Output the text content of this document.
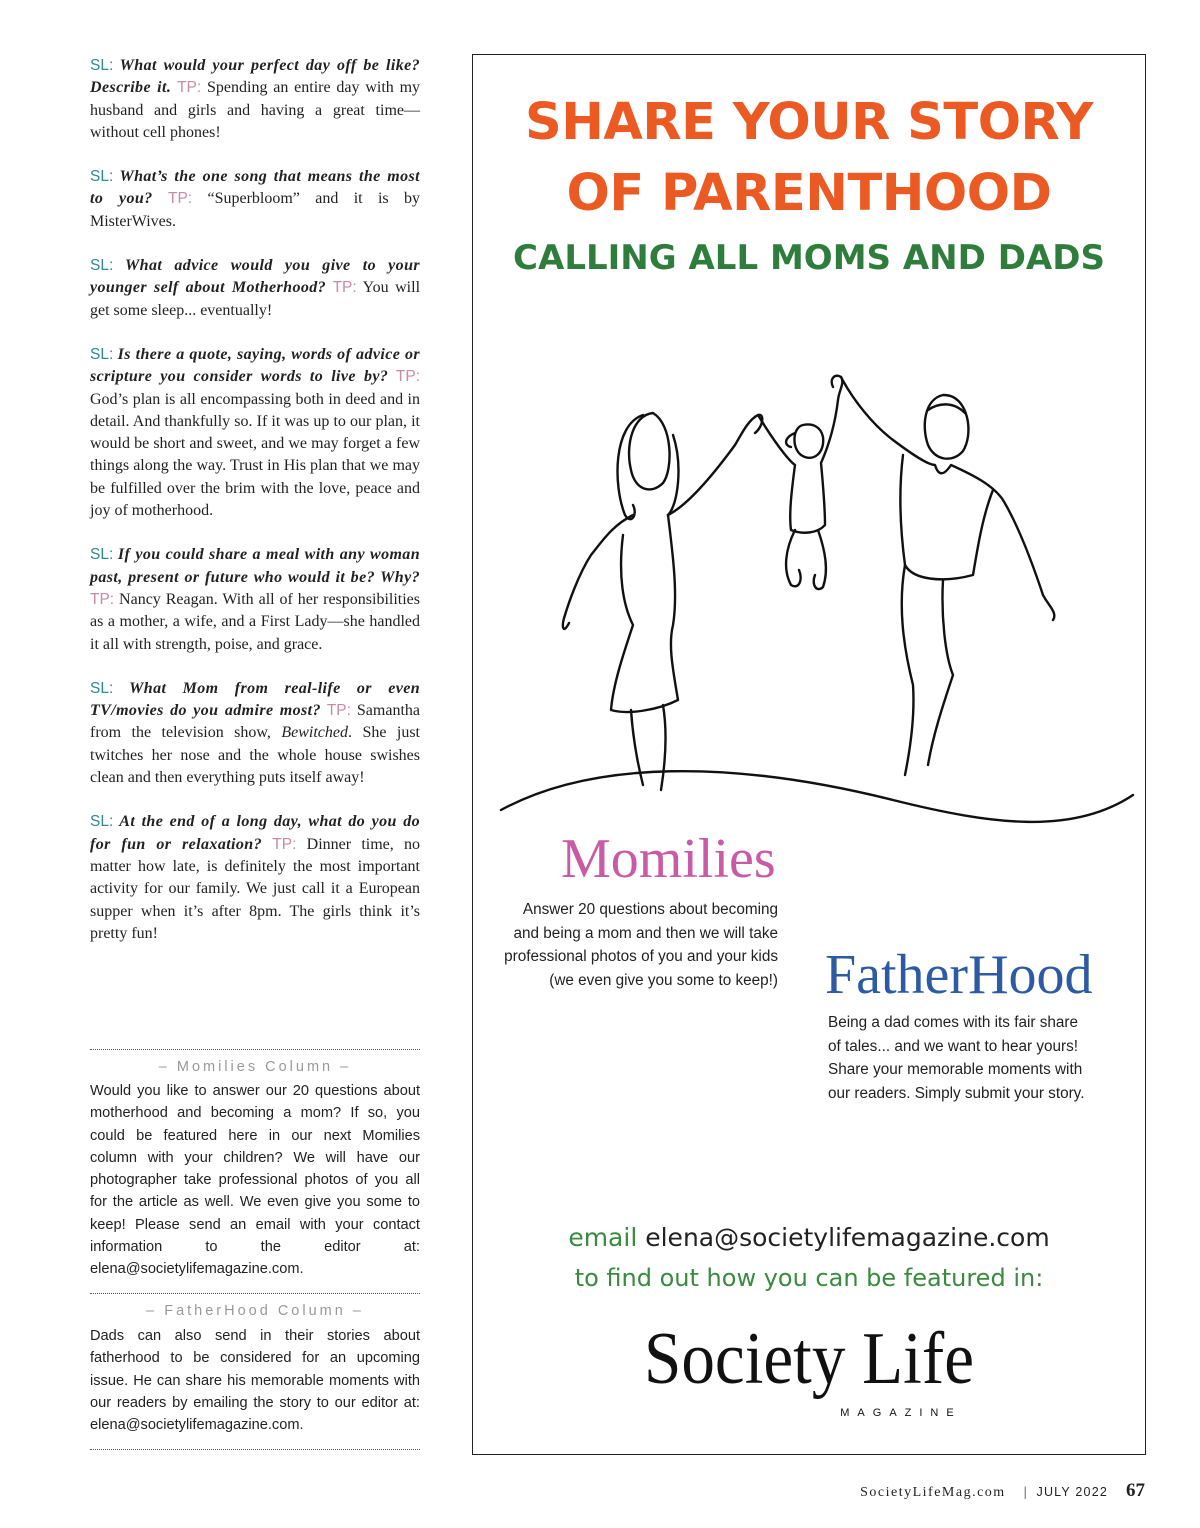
SL: What would your perfect day off be like? Describe it. TP: Spending an entire day with my husband and girls and having a great time—without cell phones!

SL: What’s the one song that means the most to you? TP: “Superbloom” and it is by MisterWives.

SL: What advice would you give to your younger self about Motherhood? TP: You will get some sleep... eventually!

SL: Is there a quote, saying, words of advice or scripture you consider words to live by? TP: God’s plan is all encompassing both in deed and in detail. And thankfully so. If it was up to our plan, it would be short and sweet, and we may forget a few things along the way. Trust in His plan that we may be fulfilled over the brim with the love, peace and joy of motherhood.

SL: If you could share a meal with any woman past, present or future who would it be? Why? TP: Nancy Reagan. With all of her responsibilities as a mother, a wife, and a First Lady—she handled it all with strength, poise, and grace.

SL: What Mom from real-life or even TV/movies do you admire most? TP: Samantha from the television show, Bewitched. She just twitches her nose and the whole house swishes clean and then everything puts itself away!

SL: At the end of a long day, what do you do for fun or relaxation? TP: Dinner time, no matter how late, is definitely the most important activity for our family. We just call it a European supper when it’s after 8pm. The girls think it’s pretty fun!

– Momilies Column –
Would you like to answer our 20 questions about motherhood and becoming a mom? If so, you could be featured here in our next Momilies column with your children? We will have our photographer take professional photos of you all for the article as well. We even give you some to keep! Please send an email with your contact information to the editor at: elena@societylifemagazine.com.
– FatherHood Column –
Dads can also send in their stories about fatherhood to be considered for an upcoming issue. He can share his memorable moments with our readers by emailing the story to our editor at: elena@societylifemagazine.com.
SHARE YOUR STORY
OF PARENTHOOD
CALLING ALL MOMS AND DADS
Momilies
Answer 20 questions about becoming
and being a mom and then we will take
professional photos of you and your kids
(we even give you some to keep!) FatherHood
Being a dad comes with its fair share
of tales... and we want to hear yours!
Share your memorable moments with
our readers. Simply submit your story.
email elena@societylifemagazine.com
to find out how you can be featured in:
Society Life
MAGAZINE
SocietyLifeMag.com | JULY 2022 67
